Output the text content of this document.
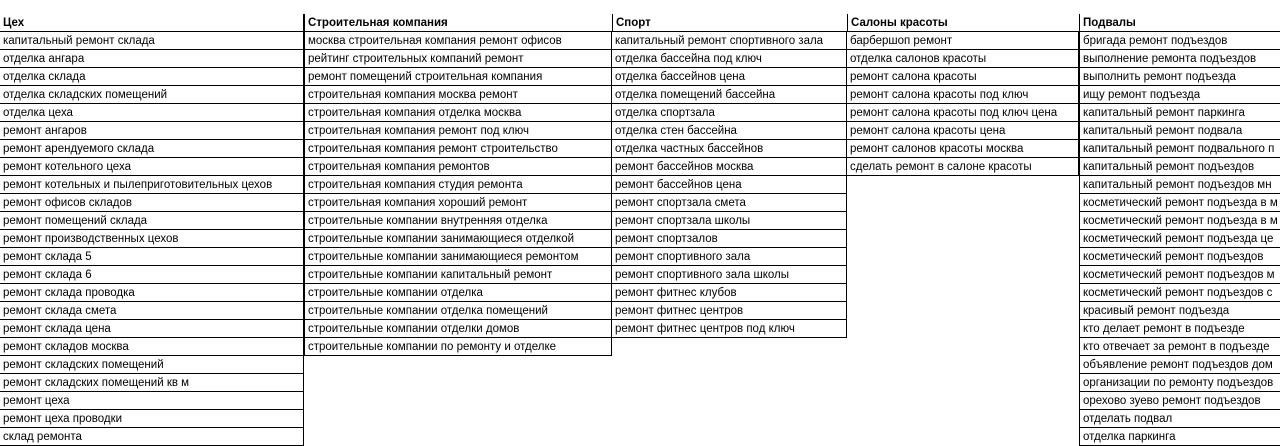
Цех
капитальный ремонт склада
отделка ангара
отделка склада
отделка складских помещений
отделка цеха
ремонт ангаров
ремонт арендуемого склада
ремонт котельного цеха
ремонт котельных и пылеприготовительных цехов
ремонт офисов складов
ремонт помещений склада
ремонт производственных цехов
ремонт склада 5
ремонт склада 6
ремонт склада проводка
ремонт склада смета
ремонт склада цена
ремонт складов москва
ремонт складских помещений
ремонт складских помещений кв м
ремонт цеха
ремонт цеха проводки
склад ремонта
Строительная компания
москва строительная компания ремонт офисов
рейтинг строительных компаний ремонт
ремонт помещений строительная компания
строительная компания москва ремонт
строительная компания отделка москва
строительная компания ремонт под ключ
строительная компания ремонт строительство
строительная компания ремонтов
строительная компания студия ремонта
строительная компания хороший ремонт
строительные компании внутренняя отделка
строительные компании занимающиеся отделкой
строительные компании занимающиеся ремонтом
строительные компании капитальный ремонт
строительные компании отделка
строительные компании отделка помещений
строительные компании отделки домов
строительные компании по ремонту и отделке
Спорт
капитальный ремонт спортивного зала
отделка бассейна под ключ
отделка бассейнов цена
отделка помещений бассейна
отделка спортзала
отделка стен бассейна
отделка частных бассейнов
ремонт бассейнов москва
ремонт бассейнов цена
ремонт спортзала смета
ремонт спортзала школы
ремонт спортзалов
ремонт спортивного зала
ремонт спортивного зала школы
ремонт фитнес клубов
ремонт фитнес центров
ремонт фитнес центров под ключ
Салоны красоты
барбершоп ремонт
отделка салонов красоты
ремонт салона красоты
ремонт салона красоты под ключ
ремонт салона красоты под ключ цена
ремонт салона красоты цена
ремонт салонов красоты москва
сделать ремонт в салоне красоты
Подвалы
бригада ремонт подъездов
выполнение ремонта подъездов
выполнить ремонт подъезда
ищу ремонт подъезда
капитальный ремонт паркинга
капитальный ремонт подвала
капитальный ремонт подвального п
капитальный ремонт подъездов
капитальный ремонт подъездов мн
косметический ремонт подъезда в м
косметический ремонт подъезда в м
косметический ремонт подъезда це
косметический ремонт подъездов
косметический ремонт подъездов м
косметический ремонт подъездов с
красивый ремонт подъезда
кто делает ремонт в подъезде
кто отвечает за ремонт в подъезде
объявление ремонт подъездов дом
организации по ремонту подъездов
орехово зуево ремонт подъездов
отделать подвал
отделка паркинга
